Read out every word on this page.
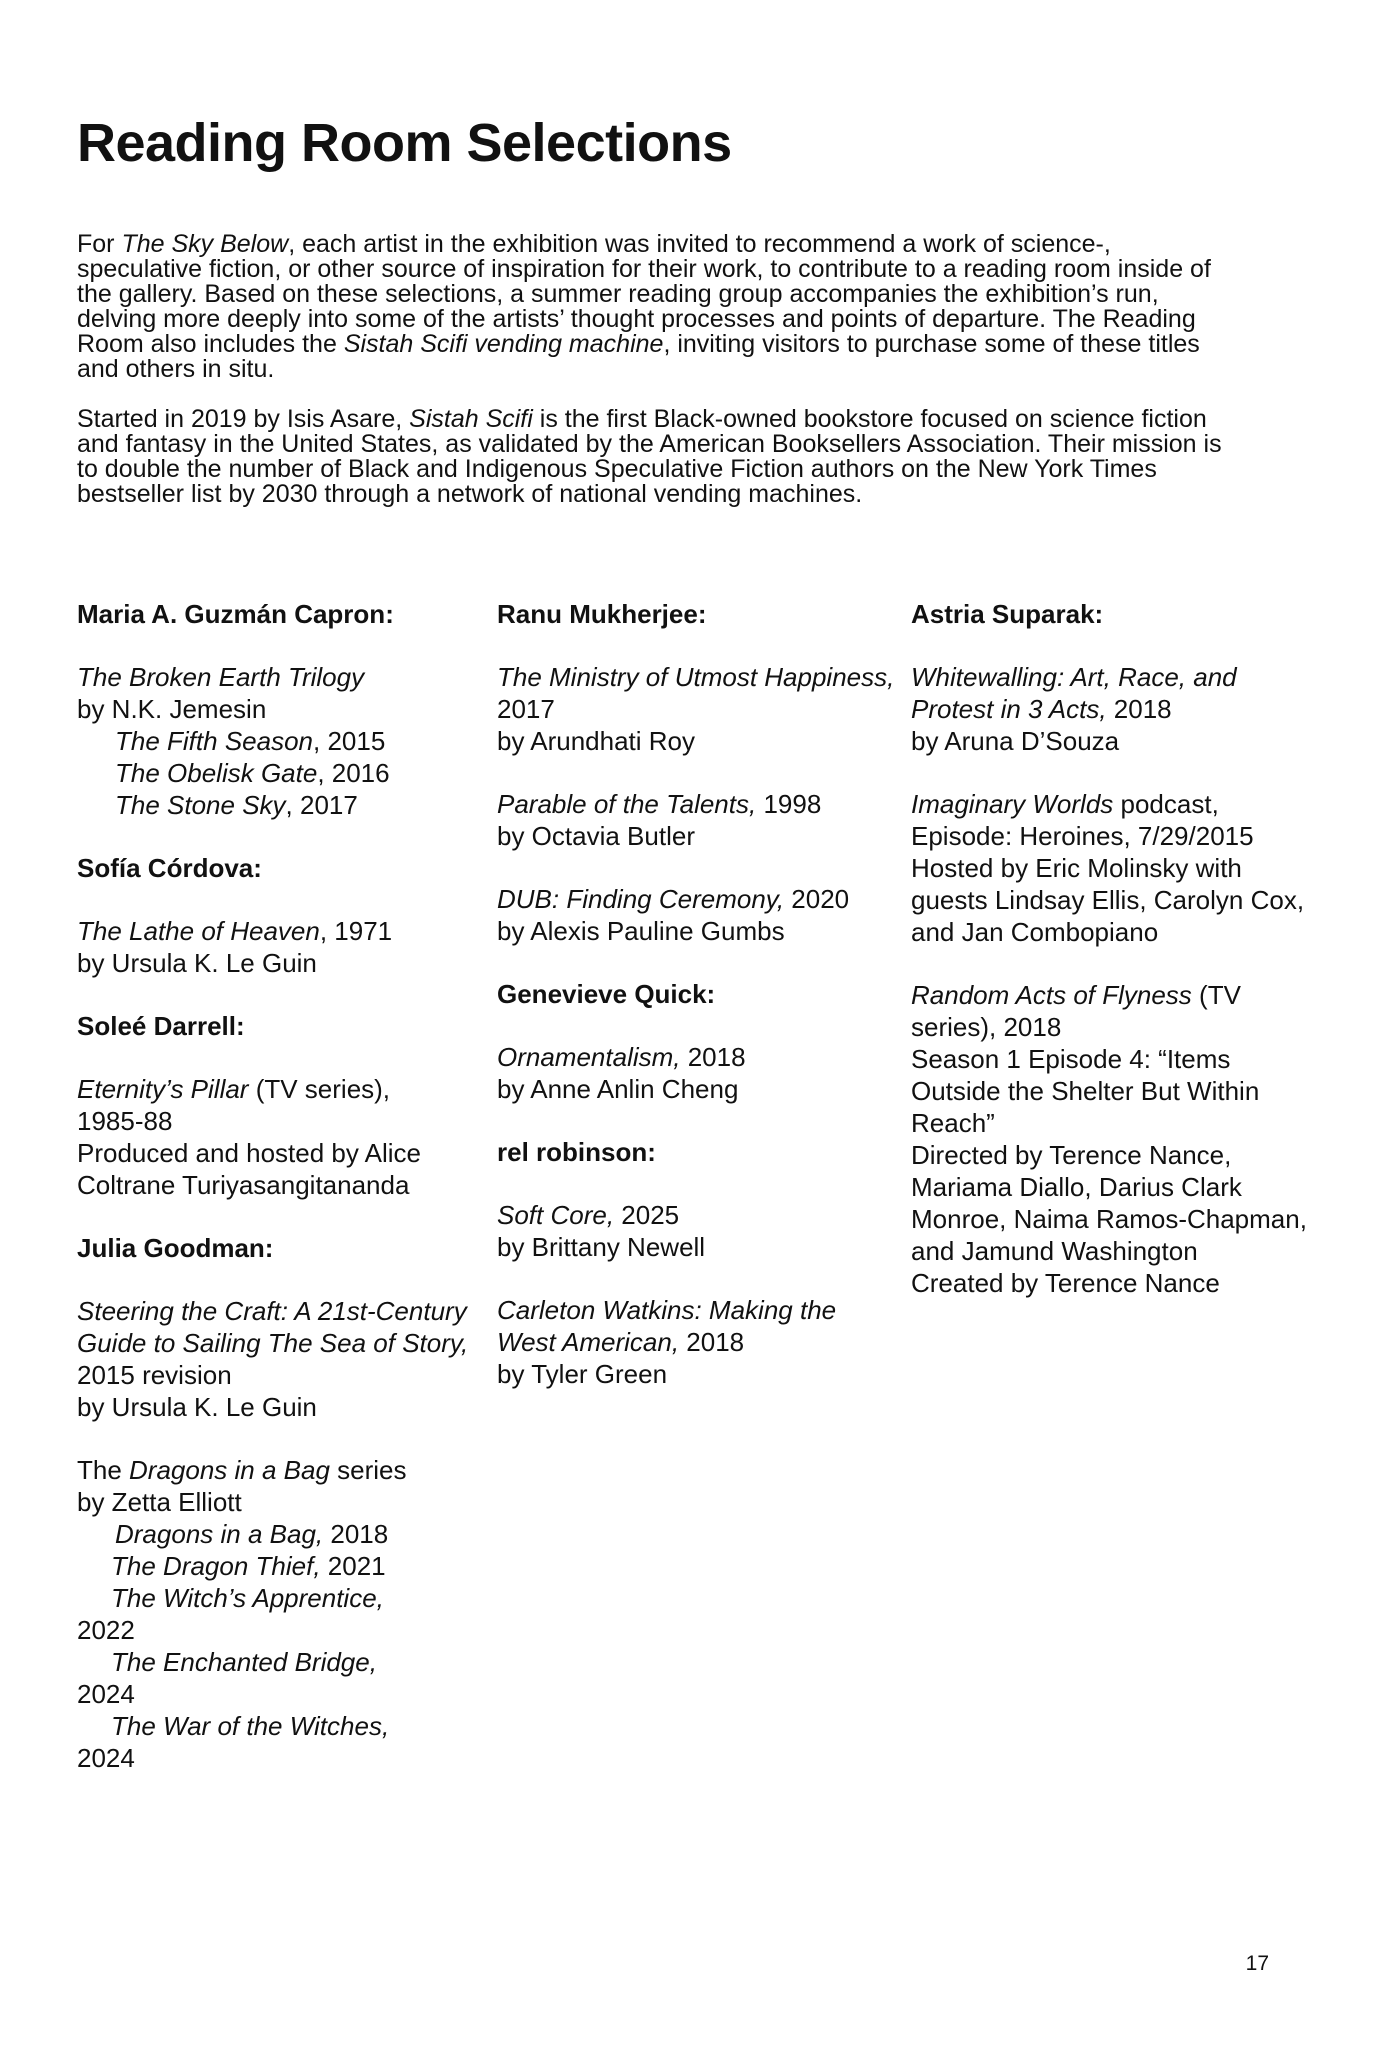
Reading Room Selections

For The Sky Below, each artist in the exhibition was invited to recommend a work of science-, speculative fiction, or other source of inspiration for their work, to contribute to a reading room inside of the gallery. Based on these selections, a summer reading group accompanies the exhibition’s run, delving more deeply into some of the artists’ thought processes and points of departure. The Reading Room also includes the Sistah Scifi vending machine, inviting visitors to purchase some of these titles and others in situ.

Started in 2019 by Isis Asare, Sistah Scifi is the first Black-owned bookstore focused on science fiction and fantasy in the United States, as validated by the American Booksellers Association. Their mission is to double the number of Black and Indigenous Speculative Fiction authors on the New York Times bestseller list by 2030 through a network of national vending machines.

Maria A. Guzmán Capron:

The Broken Earth Trilogy
by N.K. Jemesin
The Fifth Season, 2015
The Obelisk Gate, 2016
The Stone Sky, 2017

Sofía Córdova:

The Lathe of Heaven, 1971
by Ursula K. Le Guin

Soleé Darrell:

Eternity’s Pillar (TV series),
1985-88
Produced and hosted by Alice Coltrane Turiyasangitananda

Julia Goodman:

Steering the Craft: A 21st-Century Guide to Sailing The Sea of Story, 2015 revision
by Ursula K. Le Guin

The Dragons in a Bag series
by Zetta Elliott
Dragons in a Bag, 2018
The Dragon Thief, 2021
The Witch’s Apprentice,
2022
The Enchanted Bridge,
2024
The War of the Witches,
2024

Ranu Mukherjee:

The Ministry of Utmost Happiness, 2017
by Arundhati Roy

Parable of the Talents, 1998
by Octavia Butler

DUB: Finding Ceremony, 2020
by Alexis Pauline Gumbs

Genevieve Quick:

Ornamentalism, 2018
by Anne Anlin Cheng

rel robinson:

Soft Core, 2025
by Brittany Newell

Carleton Watkins: Making the West American, 2018
by Tyler Green

Astria Suparak:

Whitewalling: Art, Race, and Protest in 3 Acts, 2018
by Aruna D’Souza

Imaginary Worlds podcast,
Episode: Heroines, 7/29/2015
Hosted by Eric Molinsky with guests Lindsay Ellis, Carolyn Cox, and Jan Combopiano

Random Acts of Flyness (TV series), 2018
Season 1 Episode 4: “Items Outside the Shelter But Within Reach”
Directed by Terence Nance, Mariama Diallo, Darius Clark Monroe, Naima Ramos-Chapman, and Jamund Washington
Created by Terence Nance

17
